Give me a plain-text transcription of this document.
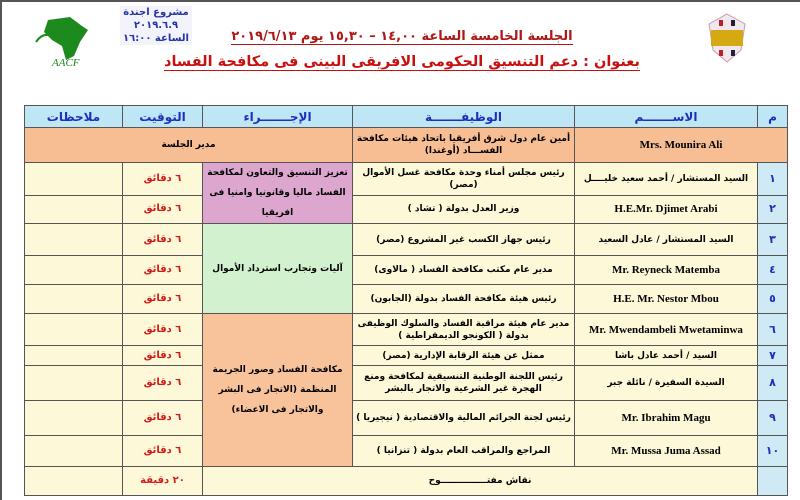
AACF
مشروع اجندة
٢٠١٩.٦.٩
الساعة ١٦:٠٠	الجلسة الخامسة الساعة ١٤,٠٠ – ١٥,٣٠ يوم ٢٠١٩/٦/١٣
بعنوان : دعم التنسيق الحكومى الافريقى البينى فى مكافحة الفساد
م	الاســـــــم	الوظيفـــــــة	الإجـــــــراء	التوقيت	ملاحظات
Mrs. Mounira Ali		أمين عام دول شرق أفريقيا باتحاد هيئات مكافحة الفســـاد (أوغندا)	مدير الجلسة		
١	السيد المستشار / أحمد سعيد خليــــل	رئيس مجلس أمناء وحدة مكافحة غسل الأموال (مصر)	تعزيز التنسيق والتعاون لمكافحة الفساد ماليا وقانونيا وامنيا فى افريقيا	٦ دقائق	
٢	H.E.Mr. Djimet Arabi	وزير العدل بدولة ( تشاد )		٦ دقائق	
٣	السيد المستشار / عادل السعيد	رئيس جهاز الكسب غير المشروع (مصر)	آليات وتجارب استرداد الأموال	٦ دقائق	
٤	Mr. Reyneck Matemba	مدير عام مكتب مكافحة الفساد ( مالاوى)		٦ دقائق	
٥	H.E. Mr. Nestor Mbou	رئيس هيئة مكافحة الفساد بدولة (الجابون)		٦ دقائق	
٦	Mr. Mwendambeli Mwetaminwa	مدير عام هيئة مراقبة الفساد والسلوك الوظيفى بدولة ( الكونجو الديمقراطية )	مكافحة الفساد وصور الجريمة المنظمة (الاتجار فى البشر والاتجار فى الاعضاء)	٦ دقائق	
٧	السيد / أحمد عادل باشا	ممثل عن هيئة الرقابة الإدارية (مصر)		٦ دقائق	
٨	السيدة السفيرة / نائلة جبر	رئيس اللجنة الوطنية التنسيقية لمكافحة ومنع الهجرة غير الشرعية والاتجار بالبشر		٦ دقائق	
٩	Mr. Ibrahim Magu	رئيس لجنة الجرائم المالية والاقتصادية ( نيجيريا )		٦ دقائق	
١٠	Mr. Mussa Juma Assad	المراجع والمراقب العام بدولة ( تنزانيا )		٦ دقائق	
	نقاش مفتـــــــــــــــوح			٢٠ دقيقة	
